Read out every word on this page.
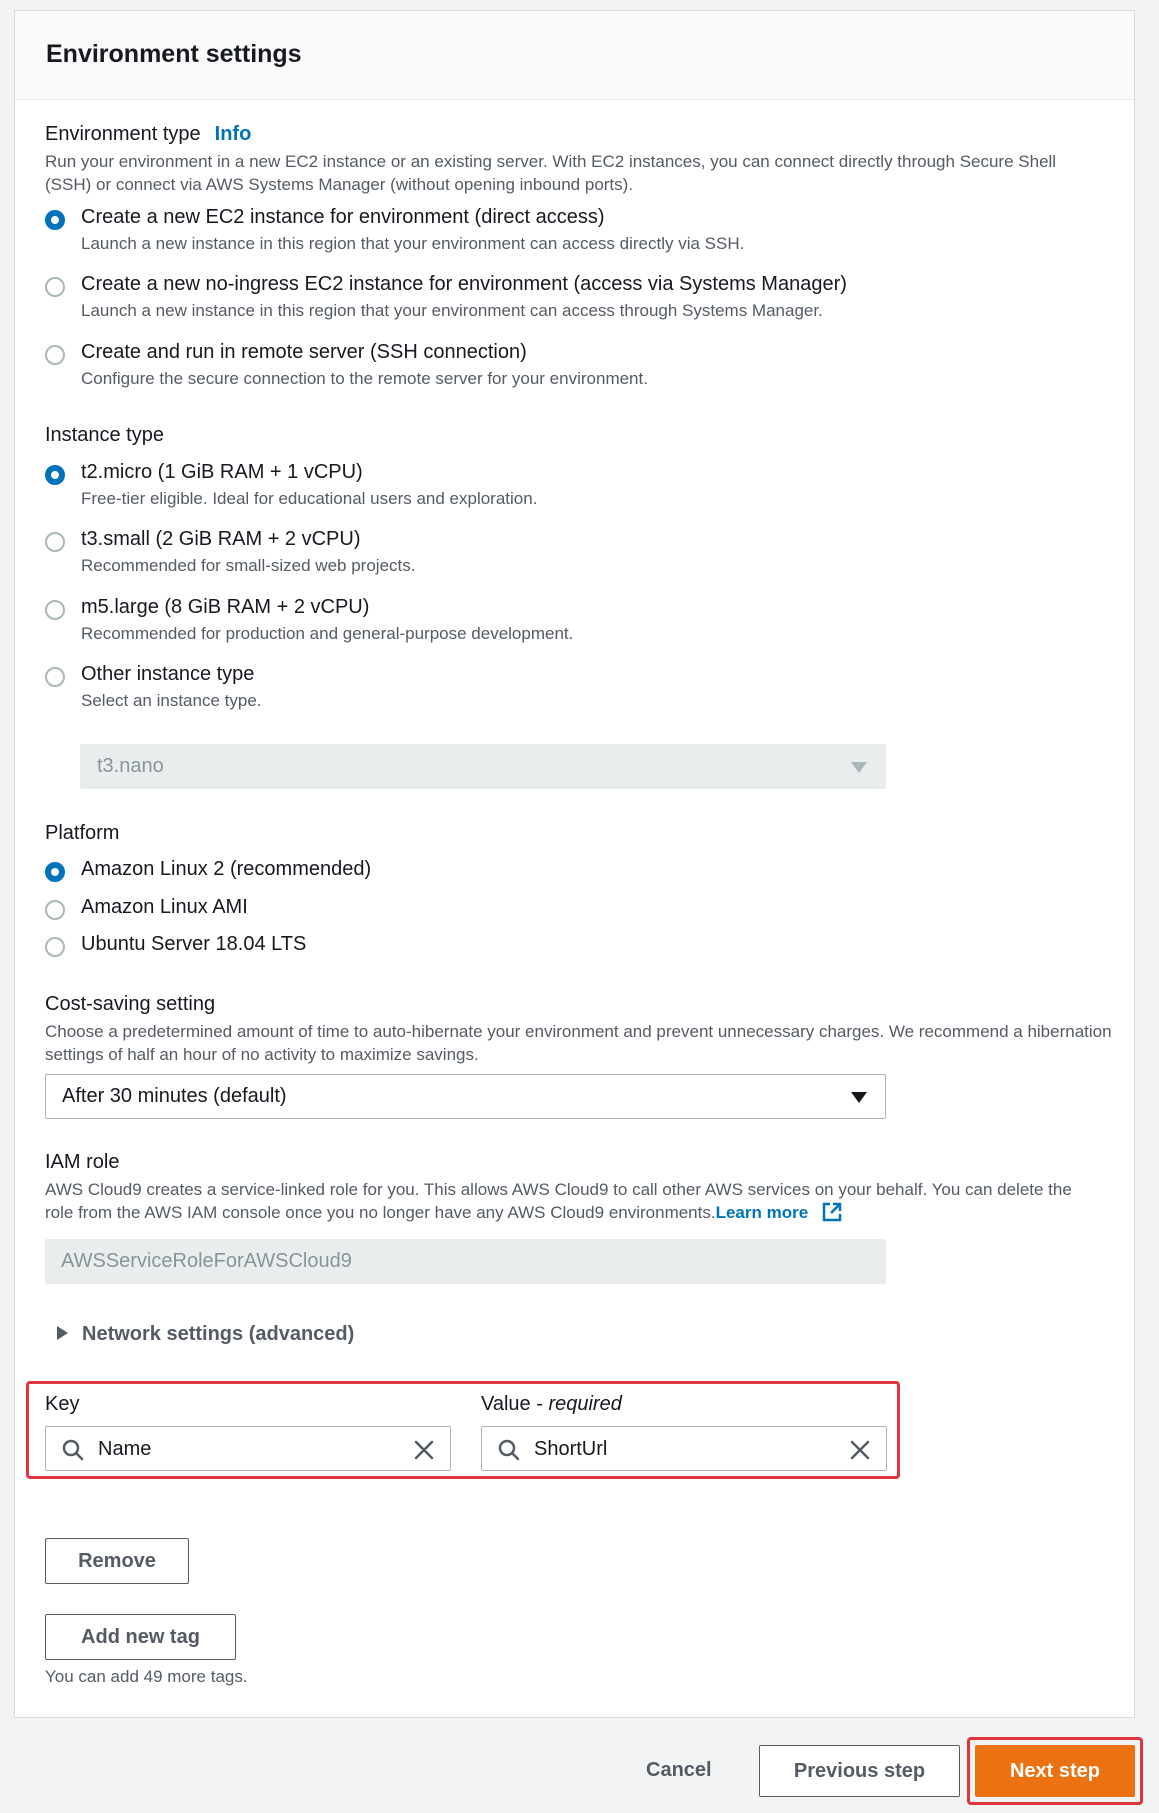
Environment settings
Environment type Info
Run your environment in a new EC2 instance or an existing server. With EC2 instances, you can connect directly through Secure Shell (SSH) or connect via AWS Systems Manager (without opening inbound ports).
Create a new EC2 instance for environment (direct access)
Launch a new instance in this region that your environment can access directly via SSH.
Create a new no-ingress EC2 instance for environment (access via Systems Manager)
Launch a new instance in this region that your environment can access through Systems Manager.
Create and run in remote server (SSH connection)
Configure the secure connection to the remote server for your environment.
Instance type
t2.micro (1 GiB RAM + 1 vCPU)
Free-tier eligible. Ideal for educational users and exploration.
t3.small (2 GiB RAM + 2 vCPU)
Recommended for small-sized web projects.
m5.large (8 GiB RAM + 2 vCPU)
Recommended for production and general-purpose development.
Other instance type
Select an instance type.
t3.nano
Platform
Amazon Linux 2 (recommended)
Amazon Linux AMI
Ubuntu Server 18.04 LTS
Cost-saving setting
Choose a predetermined amount of time to auto-hibernate your environment and prevent unnecessary charges. We recommend a hibernation settings of half an hour of no activity to maximize savings.
After 30 minutes (default)
IAM role
AWS Cloud9 creates a service-linked role for you. This allows AWS Cloud9 to call other AWS services on your behalf. You can delete the role from the AWS IAM console once you no longer have any AWS Cloud9 environments.Learn more
AWSServiceRoleForAWSCloud9
Network settings (advanced)
Key	Value - required
Name	ShortUrl
Remove
Add new tag
You can add 49 more tags.
Cancel	Previous step	Next step
